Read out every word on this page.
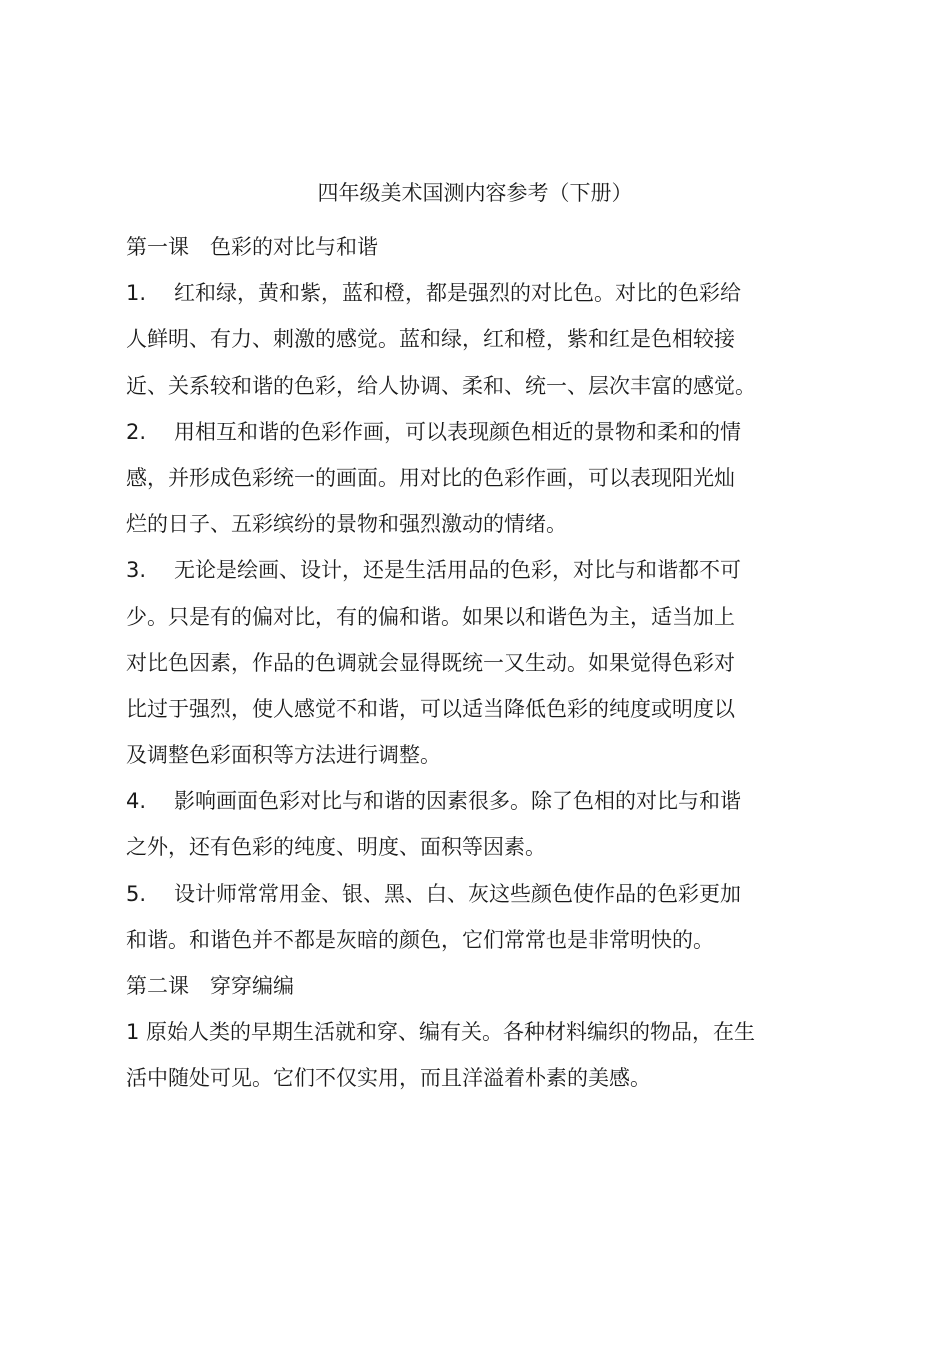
四年级美术国测内容参考（下册）
第一课 色彩的对比与和谐
1. 红和绿，黄和紫，蓝和橙，都是强烈的对比色。对比的色彩给
人鲜明、有力、刺激的感觉。蓝和绿，红和橙，紫和红是色相较接
近、关系较和谐的色彩，给人协调、柔和、统一、层次丰富的感觉。
2. 用相互和谐的色彩作画，可以表现颜色相近的景物和柔和的情
感，并形成色彩统一的画面。用对比的色彩作画，可以表现阳光灿
烂的日子、五彩缤纷的景物和强烈激动的情绪。
3. 无论是绘画、设计，还是生活用品的色彩，对比与和谐都不可
少。只是有的偏对比，有的偏和谐。如果以和谐色为主，适当加上
对比色因素，作品的色调就会显得既统一又生动。如果觉得色彩对
比过于强烈，使人感觉不和谐，可以适当降低色彩的纯度或明度以
及调整色彩面积等方法进行调整。
4. 影响画面色彩对比与和谐的因素很多。除了色相的对比与和谐
之外，还有色彩的纯度、明度、面积等因素。
5. 设计师常常用金、银、黑、白、灰这些颜色使作品的色彩更加
和谐。和谐色并不都是灰暗的颜色，它们常常也是非常明快的。
第二课 穿穿编编
1 原始人类的早期生活就和穿、编有关。各种材料编织的物品，在生
活中随处可见。它们不仅实用，而且洋溢着朴素的美感。
